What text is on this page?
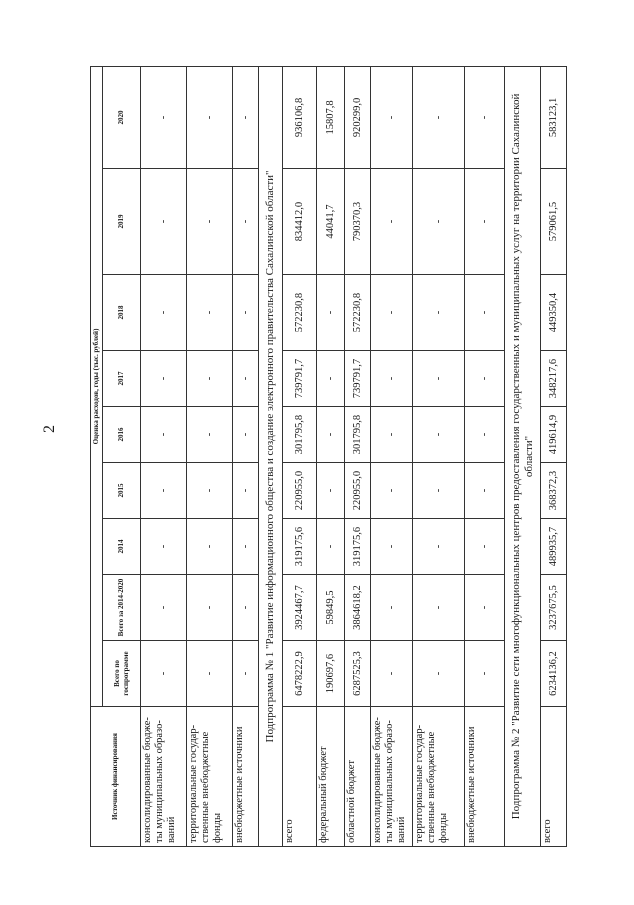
2
Источник финансирования	Оценка расходов, годы (тыс. рублей)								
	Всего по госпрограмме	Всего за 2014-2020	2014	2015	2016	2017	2018	2019	2020
консолидированные бюдже-ты муниципальных образо-ваний	-	-	-	-	-	-	-	-	-
территориальные государ-ственные внебюджетные фонды	-	-	-	-	-	-	-	-	-
внебюджетные источники	-	-	-	-	-	-	-	-	-
Подпрограмма № 1 "Развитие информационного общества и создание электронного правительства Сахалинской области"									
всего	6478222,9	3924467,7	319175,6	220955,0	301795,8	739791,7	572230,8	834412,0	936106,8
федеральный бюджет	190697,6	59849,5	-	-	-	-	-	44041,7	15807,8
областной бюджет	6287525,3	3864618,2	319175,6	220955,0	301795,8	739791,7	572230,8	790370,3	920299,0
консолидированные бюдже-ты муниципальных образо-ваний	-	-	-	-	-	-	-	-	-
территориальные государ-ственные внебюджетные фонды	-	-	-	-	-	-	-	-	-
внебюджетные источники	-	-	-	-	-	-	-	-	-
Подпрограмма № 2 "Развитие сети многофункциональных центров предоставления государственных и муниципальных услуг на территории Сахалинской области"									
всего	6234136,2	3237675,5	489935,7	368372,3	419614,9	348217,6	449350,4	579061,5	583123,1
